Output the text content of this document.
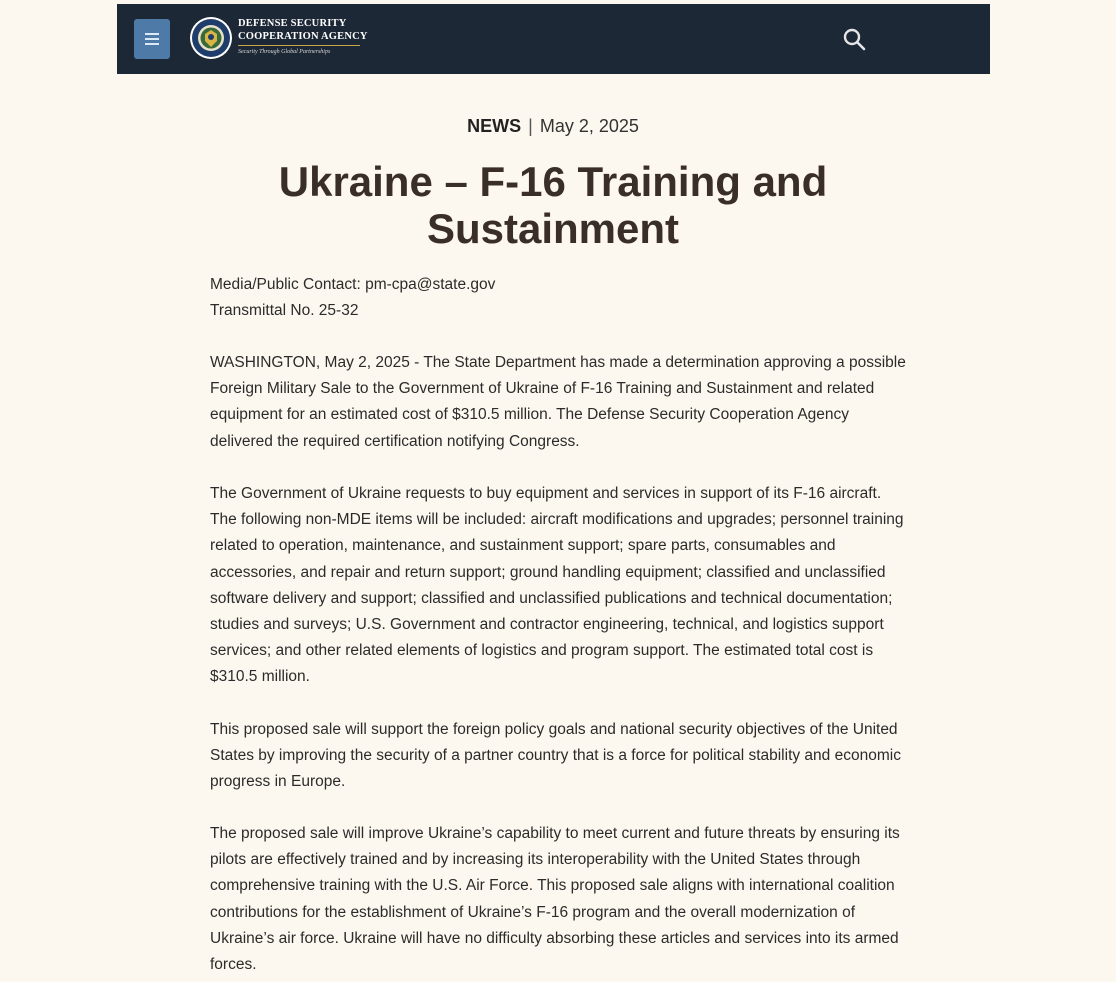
DEFENSE SECURITY
COOPERATION AGENCY
Security Through Global Partnerships
NEWS | May 2, 2025
Ukraine – F-16 Training and Sustainment
Media/Public Contact: pm-cpa@state.gov
Transmittal No. 25-32

WASHINGTON, May 2, 2025 - The State Department has made a determination approving a possible Foreign Military Sale to the Government of Ukraine of F-16 Training and Sustainment and related equipment for an estimated cost of $310.5 million. The Defense Security Cooperation Agency delivered the required certification notifying Congress.

The Government of Ukraine requests to buy equipment and services in support of its F-16 aircraft. The following non-MDE items will be included: aircraft modifications and upgrades; personnel training related to operation, maintenance, and sustainment support; spare parts, consumables and accessories, and repair and return support; ground handling equipment; classified and unclassified software delivery and support; classified and unclassified publications and technical documentation; studies and surveys; U.S. Government and contractor engineering, technical, and logistics support services; and other related elements of logistics and program support. The estimated total cost is $310.5 million.

This proposed sale will support the foreign policy goals and national security objectives of the United States by improving the security of a partner country that is a force for political stability and economic progress in Europe.

The proposed sale will improve Ukraine’s capability to meet current and future threats by ensuring its pilots are effectively trained and by increasing its interoperability with the United States through comprehensive training with the U.S. Air Force. This proposed sale aligns with international coalition contributions for the establishment of Ukraine’s F-16 program and the overall modernization of Ukraine’s air force. Ukraine will have no difficulty absorbing these articles and services into its armed forces.
